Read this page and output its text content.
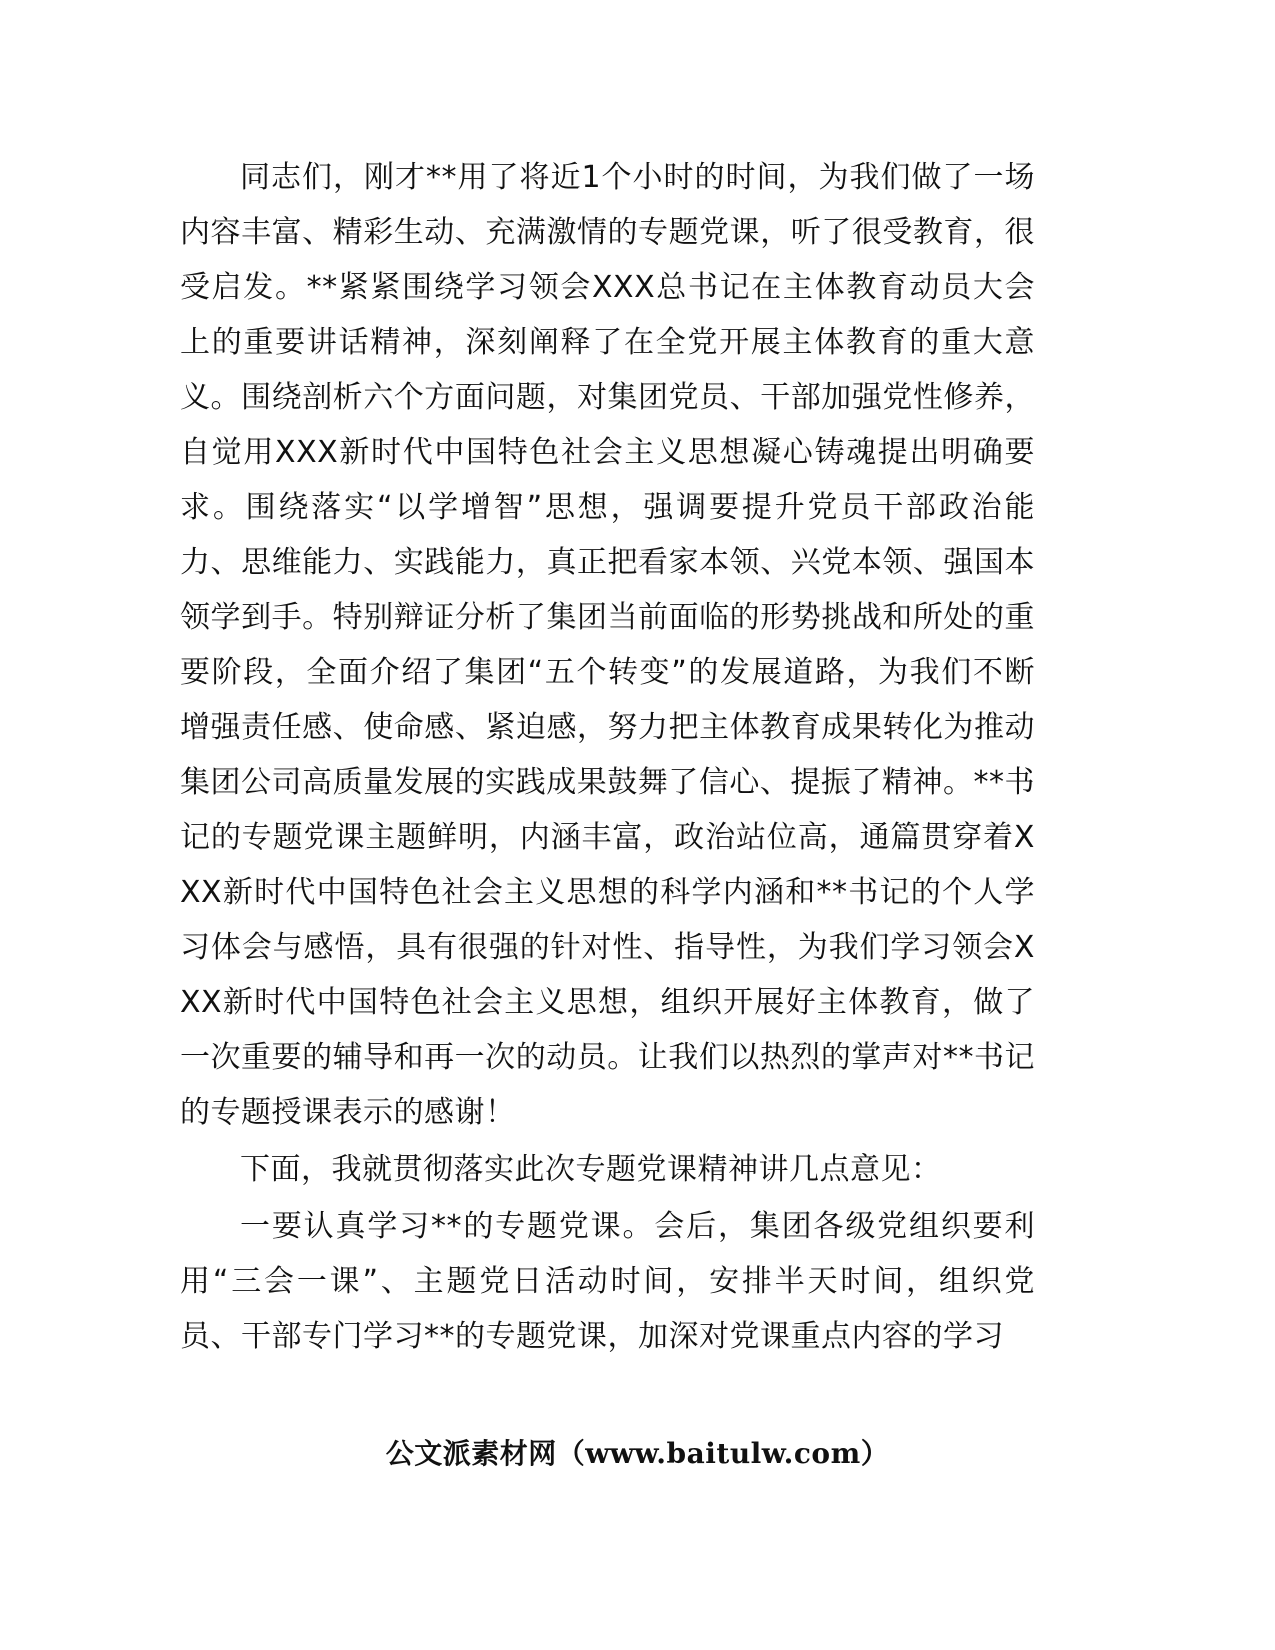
同志们，刚才**用了将近1个小时的时间，为我们做了一场内容丰富、精彩生动、充满激情的专题党课，听了很受教育，很受启发。**紧紧围绕学习领会XXX总书记在主体教育动员大会上的重要讲话精神，深刻阐释了在全党开展主体教育的重大意义。围绕剖析六个方面问题，对集团党员、干部加强党性修养，自觉用XXX新时代中国特色社会主义思想凝心铸魂提出明确要求。围绕落实“以学增智”思想，强调要提升党员干部政治能力、思维能力、实践能力，真正把看家本领、兴党本领、强国本领学到手。特别辩证分析了集团当前面临的形势挑战和所处的重要阶段，全面介绍了集团“五个转变”的发展道路，为我们不断增强责任感、使命感、紧迫感，努力把主体教育成果转化为推动集团公司高质量发展的实践成果鼓舞了信心、提振了精神。**书记的专题党课主题鲜明，内涵丰富，政治站位高，通篇贯穿着XXX新时代中国特色社会主义思想的科学内涵和**书记的个人学习体会与感悟，具有很强的针对性、指导性，为我们学习领会XXX新时代中国特色社会主义思想，组织开展好主体教育，做了一次重要的辅导和再一次的动员。让我们以热烈的掌声对**书记的专题授课表示的感谢！

下面，我就贯彻落实此次专题党课精神讲几点意见：

一要认真学习**的专题党课。会后，集团各级党组织要利用“三会一课”、主题党日活动时间，安排半天时间，组织党员、干部专门学习**的专题党课，加深对党课重点内容的学习

公文派素材网（www.baitulw.com）
